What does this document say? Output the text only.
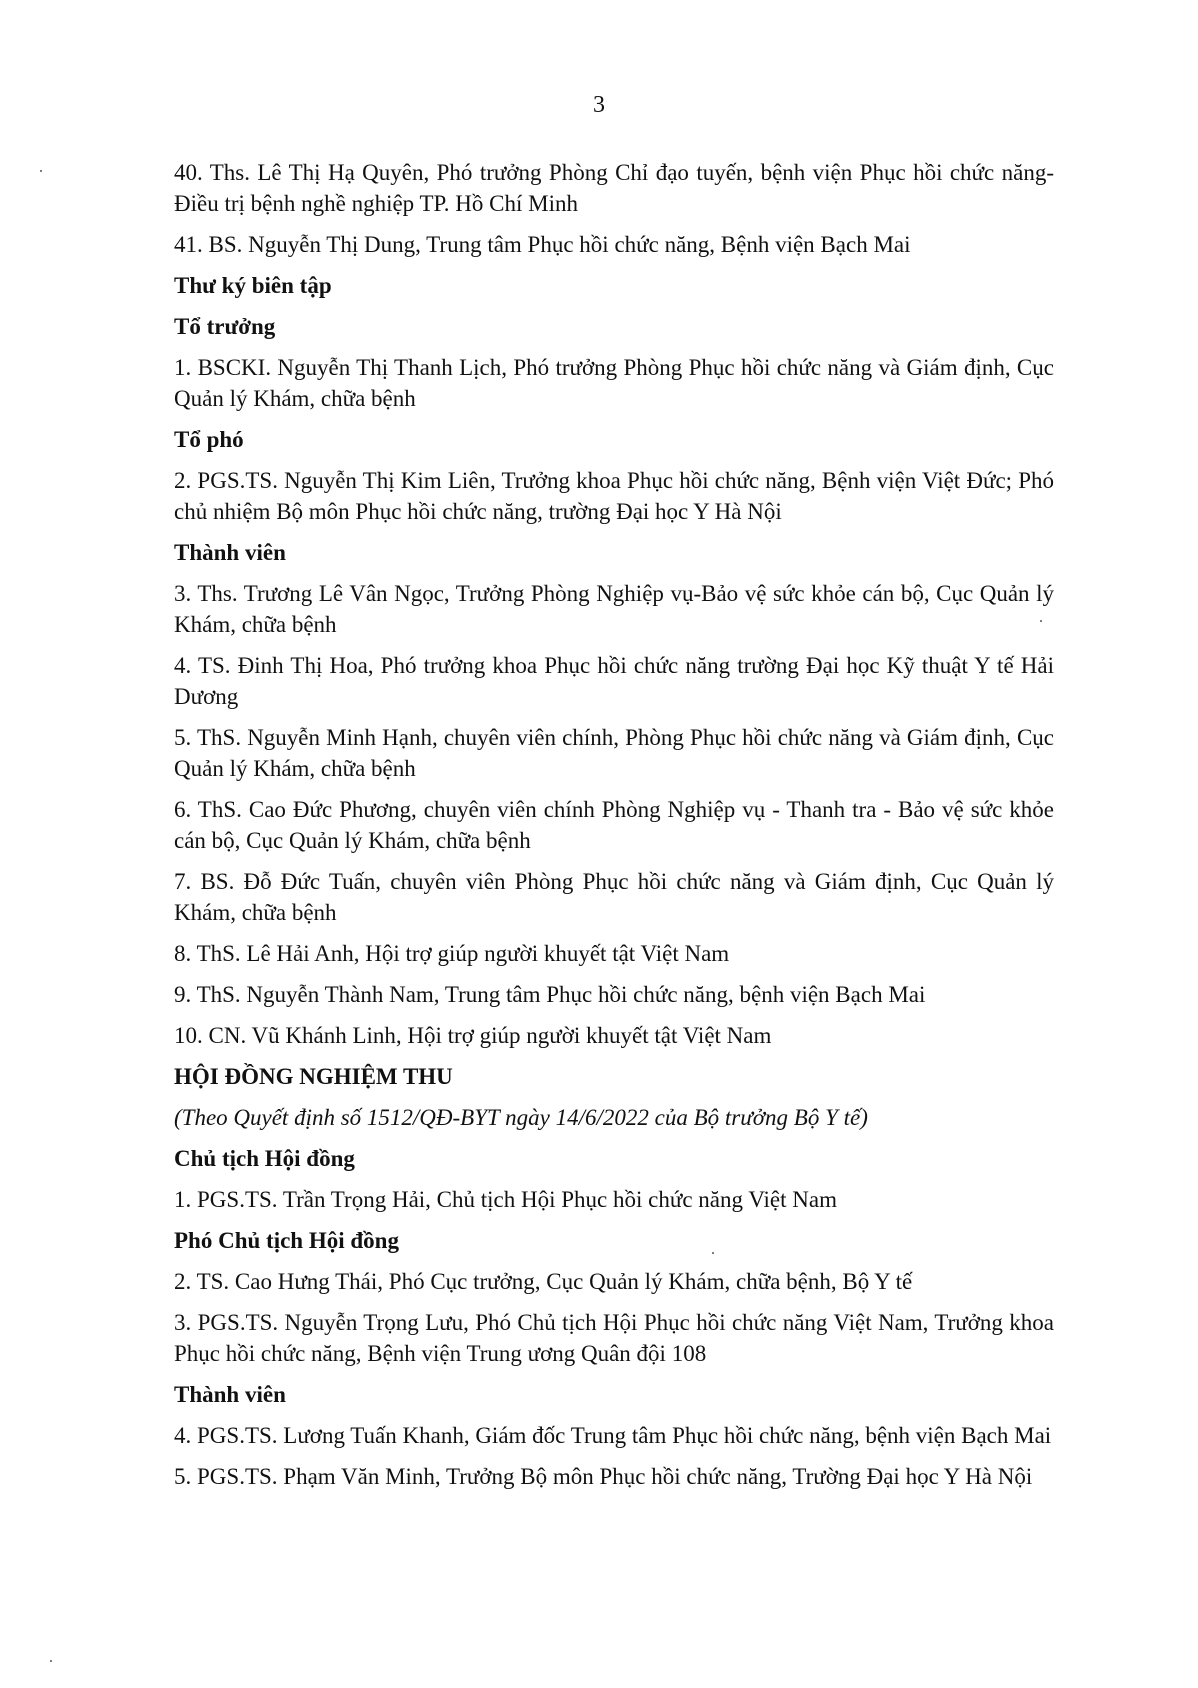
3

40. Ths. Lê Thị Hạ Quyên, Phó trưởng Phòng Chỉ đạo tuyến, bệnh viện Phục hồi chức năng-Điều trị bệnh nghề nghiệp TP. Hồ Chí Minh

41. BS. Nguyễn Thị Dung, Trung tâm Phục hồi chức năng, Bệnh viện Bạch Mai

Thư ký biên tập

Tổ trưởng

1. BSCKI. Nguyễn Thị Thanh Lịch, Phó trưởng Phòng Phục hồi chức năng và Giám định, Cục Quản lý Khám, chữa bệnh

Tổ phó

2. PGS.TS. Nguyễn Thị Kim Liên, Trưởng khoa Phục hồi chức năng, Bệnh viện Việt Đức; Phó chủ nhiệm Bộ môn Phục hồi chức năng, trường Đại học Y Hà Nội

Thành viên

3. Ths. Trương Lê Vân Ngọc, Trưởng Phòng Nghiệp vụ-Bảo vệ sức khỏe cán bộ, Cục Quản lý Khám, chữa bệnh

4. TS. Đinh Thị Hoa, Phó trưởng khoa Phục hồi chức năng trường Đại học Kỹ thuật Y tế Hải Dương

5. ThS. Nguyễn Minh Hạnh, chuyên viên chính, Phòng Phục hồi chức năng và Giám định, Cục Quản lý Khám, chữa bệnh

6. ThS. Cao Đức Phương, chuyên viên chính Phòng Nghiệp vụ - Thanh tra - Bảo vệ sức khỏe cán bộ, Cục Quản lý Khám, chữa bệnh

7. BS. Đỗ Đức Tuấn, chuyên viên Phòng Phục hồi chức năng và Giám định, Cục Quản lý Khám, chữa bệnh

8. ThS. Lê Hải Anh, Hội trợ giúp người khuyết tật Việt Nam

9. ThS. Nguyễn Thành Nam, Trung tâm Phục hồi chức năng, bệnh viện Bạch Mai

10. CN. Vũ Khánh Linh, Hội trợ giúp người khuyết tật Việt Nam

HỘI ĐỒNG NGHIỆM THU

(Theo Quyết định số 1512/QĐ-BYT ngày 14/6/2022 của Bộ trưởng Bộ Y tế)

Chủ tịch Hội đồng

1. PGS.TS. Trần Trọng Hải, Chủ tịch Hội Phục hồi chức năng Việt Nam

Phó Chủ tịch Hội đồng

2. TS. Cao Hưng Thái, Phó Cục trưởng, Cục Quản lý Khám, chữa bệnh, Bộ Y tế

3. PGS.TS. Nguyễn Trọng Lưu, Phó Chủ tịch Hội Phục hồi chức năng Việt Nam, Trưởng khoa Phục hồi chức năng, Bệnh viện Trung ương Quân đội 108

Thành viên

4. PGS.TS. Lương Tuấn Khanh, Giám đốc Trung tâm Phục hồi chức năng, bệnh viện Bạch Mai

5. PGS.TS. Phạm Văn Minh, Trưởng Bộ môn Phục hồi chức năng, Trường Đại học Y Hà Nội
